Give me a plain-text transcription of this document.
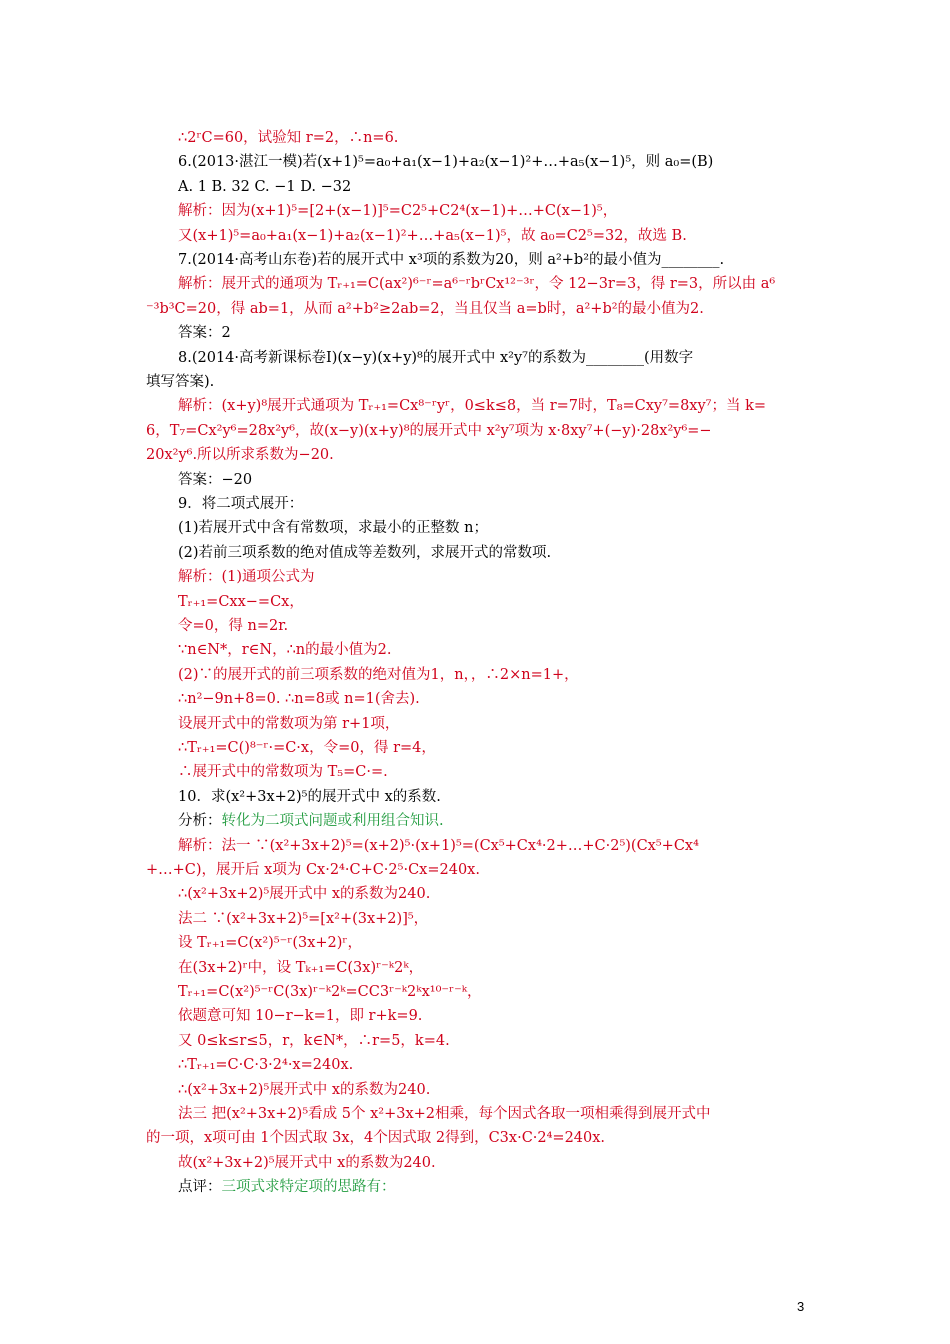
∴2ʳC=60，试验知 r=2，∴n=6.
6.(2013·湛江一模)若(x+1)⁵=a₀+a₁(x−1)+a₂(x−1)²+…+a₅(x−1)⁵，则 a₀=(B)
A. 1 B. 32 C. −1 D. −32
解析：因为(x+1)⁵=[2+(x−1)]⁵=C2⁵+C2⁴(x−1)+…+C(x−1)⁵，
又(x+1)⁵=a₀+a₁(x−1)+a₂(x−1)²+…+a₅(x−1)⁵，故 a₀=C2⁵=32，故选 B.
7.(2014·高考山东卷)若的展开式中 x³项的系数为20，则 a²+b²的最小值为________.
解析：展开式的通项为 Tᵣ₊₁=C(ax²)⁶⁻ʳ=a⁶⁻ʳbʳCx¹²⁻³ʳ，令 12−3r=3，得 r=3，所以由 a⁶
⁻³b³C=20，得 ab=1，从而 a²+b²≥2ab=2，当且仅当 a=b时，a²+b²的最小值为2.
答案：2
8.(2014·高考新课标卷Ⅰ)(x−y)(x+y)⁸的展开式中 x²y⁷的系数为________(用数字
填写答案).
解析：(x+y)⁸展开式通项为 Tᵣ₊₁=Cx⁸⁻ʳyʳ，0≤k≤8，当 r=7时，T₈=Cxy⁷=8xy⁷；当 k=
6，T₇=Cx²y⁶=28x²y⁶，故(x−y)(x+y)⁸的展开式中 x²y⁷项为 x·8xy⁷+(−y)·28x²y⁶=−
20x²y⁶.所以所求系数为−20.
答案：−20
9．将二项式展开：
(1)若展开式中含有常数项，求最小的正整数 n；
(2)若前三项系数的绝对值成等差数列，求展开式的常数项.
解析：(1)通项公式为
Tᵣ₊₁=Cxx−=Cx，
令=0，得 n=2r.
∵n∈N*，r∈N，∴n的最小值为2.
(2)∵的展开式的前三项系数的绝对值为1，n，，∴2×n=1+，
∴n²−9n+8=0. ∴n=8或 n=1(舍去).
设展开式中的常数项为第 r+1项，
∴Tᵣ₊₁=C()⁸⁻ʳ·=C·x，令=0，得 r=4，
∴展开式中的常数项为 T₅=C·=.
10．求(x²+3x+2)⁵的展开式中 x的系数.
分析：转化为二项式问题或利用组合知识.
解析：法一 ∵(x²+3x+2)⁵=(x+2)⁵·(x+1)⁵=(Cx⁵+Cx⁴·2+…+C·2⁵)(Cx⁵+Cx⁴
+…+C)，展开后 x项为 Cx·2⁴·C+C·2⁵·Cx=240x.
∴(x²+3x+2)⁵展开式中 x的系数为240.
法二 ∵(x²+3x+2)⁵=[x²+(3x+2)]⁵，
设 Tᵣ₊₁=C(x²)⁵⁻ʳ(3x+2)ʳ，
在(3x+2)ʳ中，设 Tₖ₊₁=C(3x)ʳ⁻ᵏ2ᵏ，
Tᵣ₊₁=C(x²)⁵⁻ʳC(3x)ʳ⁻ᵏ2ᵏ=CC3ʳ⁻ᵏ2ᵏx¹⁰⁻ʳ⁻ᵏ，
依题意可知 10−r−k=1，即 r+k=9.
又 0≤k≤r≤5，r，k∈N*，∴r=5，k=4.
∴Tᵣ₊₁=C·C·3·2⁴·x=240x.
∴(x²+3x+2)⁵展开式中 x的系数为240.
法三 把(x²+3x+2)⁵看成 5个 x²+3x+2相乘，每个因式各取一项相乘得到展开式中
的一项，x项可由 1个因式取 3x，4个因式取 2得到，C3x·C·2⁴=240x.
故(x²+3x+2)⁵展开式中 x的系数为240.
点评：三项式求特定项的思路有：
3
